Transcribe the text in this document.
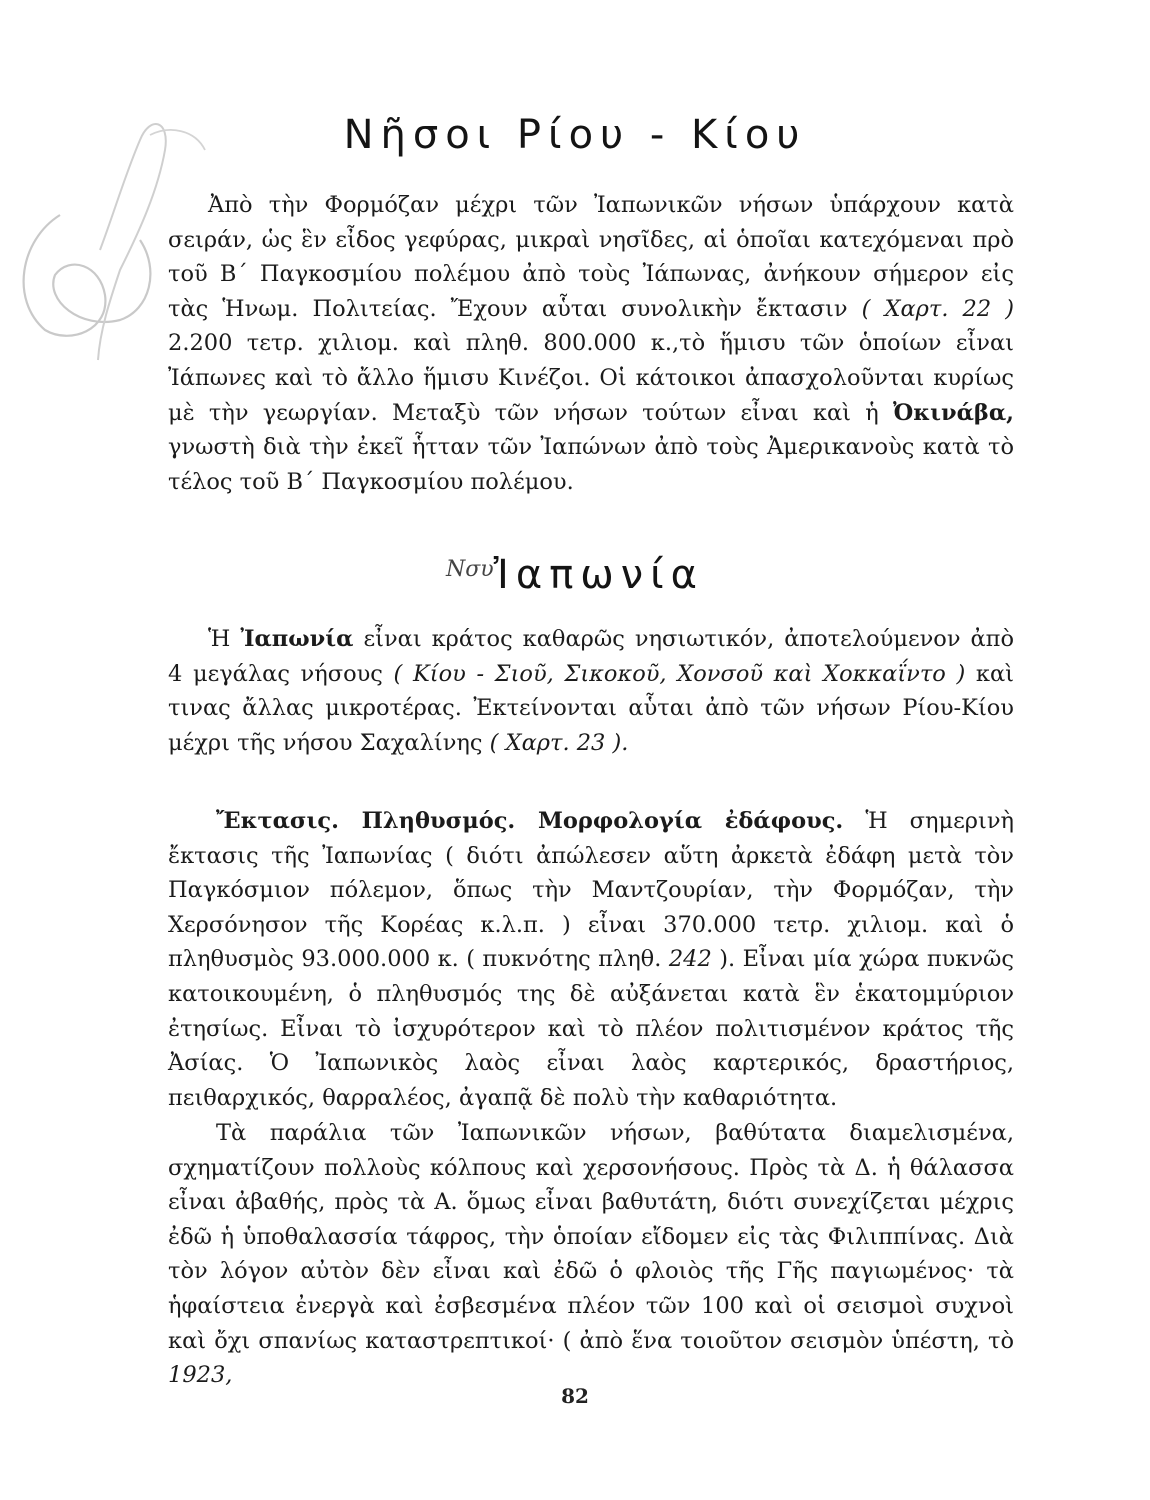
Νῆσοι Ρίου - Κίου

Ἀπὸ τὴν Φορμόζαν μέχρι τῶν Ἰαπωνικῶν νήσων ὑπάρχουν κατὰ σειράν, ὡς ἓν εἶδος γεφύρας, μικραὶ νησῖδες, αἱ ὁποῖαι κατεχόμεναι πρὸ τοῦ Β΄ Παγκοσμίου πολέμου ἀπὸ τοὺς Ἰάπωνας, ἀνήκουν σήμερον εἰς τὰς Ἡνωμ. Πολιτείας. Ἔχουν αὗται συνολικὴν ἔκτασιν ( Χαρτ. 22 ) 2.200 τετρ. χιλιομ. καὶ πληθ. 800.000 κ.,τὸ ἥμισυ τῶν ὁποίων εἶναι Ἰάπωνες καὶ τὸ ἄλλο ἥμισυ Κινέζοι. Οἱ κάτοικοι ἀπασχολοῦνται κυρίως μὲ τὴν γεωργίαν. Μεταξὺ τῶν νήσων τούτων εἶναι καὶ ἡ Ὀκινάβα, γνωστὴ διὰ τὴν ἐκεῖ ἧτταν τῶν Ἰαπώνων ἀπὸ τοὺς Ἀμερικανοὺς κατὰ τὸ τέλος τοῦ Β΄ Παγκοσμίου πολέμου.

$^{N\sigma\upsilon}$Ἰαπωνία

Ἡ Ἰαπωνία εἶναι κράτος καθαρῶς νησιωτικόν, ἀποτελούμενον ἀπὸ 4 μεγάλας νήσους ( Κίου - Σιοῦ, Σικοκοῦ, Χονσοῦ καὶ Χοκκαΐντο ) καὶ τινας ἄλλας μικροτέρας. Ἐκτείνονται αὗται ἀπὸ τῶν νήσων Ρίου-Κίου μέχρι τῆς νήσου Σαχαλίνης ( Χαρτ. 23 ).

Ἔκτασις. Πληθυσμός. Μορφολογία ἐδάφους. Ἡ σημερινὴ ἔκτασις τῆς Ἰαπωνίας ( διότι ἀπώλεσεν αὕτη ἀρκετὰ ἐδάφη μετὰ τὸν Παγκόσμιον πόλεμον, ὅπως τὴν Μαντζουρίαν, τὴν Φορμόζαν, τὴν Χερσόνησον τῆς Κορέας κ.λ.π. ) εἶναι 370.000 τετρ. χιλιομ. καὶ ὁ πληθυσμὸς 93.000.000 κ. ( πυκνότης πληθ. 242 ). Εἶναι μία χώρα πυκνῶς κατοικουμένη, ὁ πληθυσμός της δὲ αὐξάνεται κατὰ ἓν ἑκατομμύριον ἐτησίως. Εἶναι τὸ ἰσχυρότερον καὶ τὸ πλέον πολιτισμένον κράτος τῆς Ἀσίας. Ὁ Ἰαπωνικὸς λαὸς εἶναι λαὸς καρτερικός, δραστήριος, πειθαρχικός, θαρραλέος, ἀγαπᾷ δὲ πολὺ τὴν καθαριότητα.

Τὰ παράλια τῶν Ἰαπωνικῶν νήσων, βαθύτατα διαμελισμένα, σχηματίζουν πολλοὺς κόλπους καὶ χερσονήσους. Πρὸς τὰ Δ. ἡ θάλασσα εἶναι ἀβαθής, πρὸς τὰ Α. ὅμως εἶναι βαθυτάτη, διότι συνεχίζεται μέχρις ἐδῶ ἡ ὑποθαλασσία τάφρος, τὴν ὁποίαν εἴδομεν εἰς τὰς Φιλιππίνας. Διὰ τὸν λόγον αὐτὸν δὲν εἶναι καὶ ἐδῶ ὁ φλοιὸς τῆς Γῆς παγιωμένος· τὰ ἡφαίστεια ἐνεργὰ καὶ ἐσβεσμένα πλέον τῶν 100 καὶ οἱ σεισμοὶ συχνοὶ καὶ ὄχι σπανίως καταστρεπτικοί· ( ἀπὸ ἕνα τοιοῦτον σεισμὸν ὑπέστη, τὸ 1923,

82
